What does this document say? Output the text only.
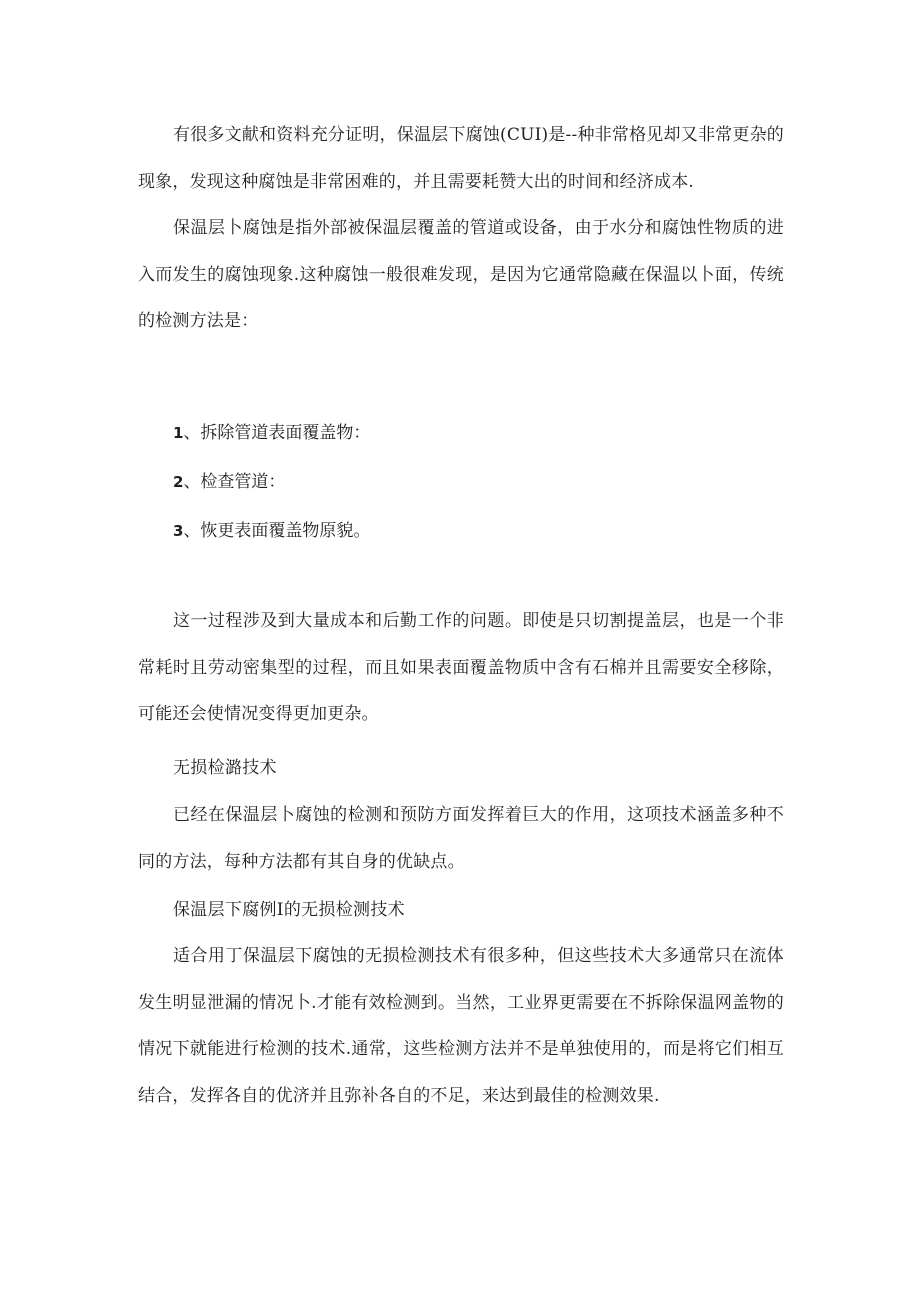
有很多文献和资料充分证明，保温层下腐蚀(CUI)是--种非常格见却又非常更杂的现象，发现这种腐蚀是非常困难的，并且需要耗赞大出的时间和经济成本.

保温层卜腐蚀是指外部被保温层覆盖的管道或设备，由于水分和腐蚀性物质的进入而发生的腐蚀现象.这种腐蚀一般很难发现，是因为它通常隐藏在保温以卜面，传统的检测方法是：

1、拆除管道表面覆盖物：
2、检查管道：
3、恢更表面覆盖物原貌。

这一过程涉及到大量成本和后勤工作的问题。即使是只切割提盖层，也是一个非常耗时且劳动密集型的过程，而且如果表面覆盖物质中含有石棉并且需要安全移除，可能还会使情况变得更加更杂。

无损检潞技术

已经在保温层卜腐蚀的检测和预防方面发挥着巨大的作用，这项技术涵盖多种不同的方法，每种方法都有其自身的优缺点。

保温层下腐例I的无损检测技术

适合用丁保温层下腐蚀的无损检测技术有很多种，但这些技术大多通常只在流体发生明显泄漏的情况卜.才能有效检测到。当然，工业界更需要在不拆除保温网盖物的情况下就能进行检测的技术.通常，这些检测方法并不是单独使用的，而是将它们相互结合，发挥各自的优济并且弥补各自的不足，来达到最佳的检测效果.
